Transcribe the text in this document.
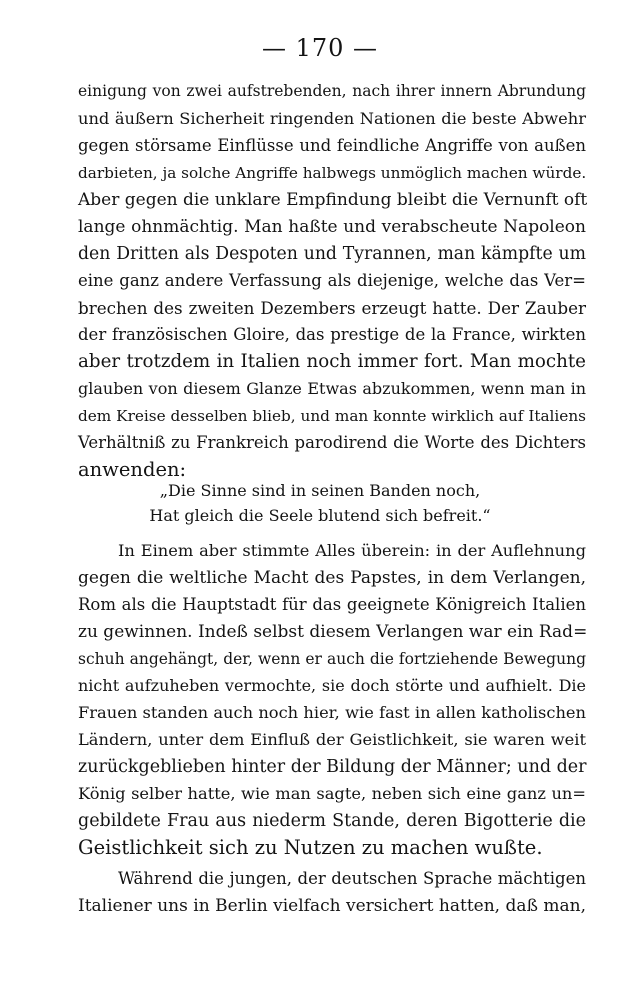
— 170 —
einigung von zwei aufstrebenden, nach ihrer innern Abrundung
und äußern Sicherheit ringenden Nationen die beste Abwehr
gegen störsame Einflüsse und feindliche Angriffe von außen
darbieten, ja solche Angriffe halbwegs unmöglich machen würde.
Aber gegen die unklare Empfindung bleibt die Vernunft oft
lange ohnmächtig. Man haßte und verabscheute Napoleon
den Dritten als Despoten und Tyrannen, man kämpfte um
eine ganz andere Verfassung als diejenige, welche das Ver=
brechen des zweiten Dezembers erzeugt hatte. Der Zauber
der französischen Gloire, das prestige de la France, wirkten
aber trotzdem in Italien noch immer fort. Man mochte
glauben von diesem Glanze Etwas abzukommen, wenn man in
dem Kreise desselben blieb, und man konnte wirklich auf Italiens
Verhältniß zu Frankreich parodirend die Worte des Dichters
anwenden:
„Die Sinne sind in seinen Banden noch,
Hat gleich die Seele blutend sich befreit.“
In Einem aber stimmte Alles überein: in der Auflehnung
gegen die weltliche Macht des Papstes, in dem Verlangen,
Rom als die Hauptstadt für das geeignete Königreich Italien
zu gewinnen. Indeß selbst diesem Verlangen war ein Rad=
schuh angehängt, der, wenn er auch die fortziehende Bewegung
nicht aufzuheben vermochte, sie doch störte und aufhielt. Die
Frauen standen auch noch hier, wie fast in allen katholischen
Ländern, unter dem Einfluß der Geistlichkeit, sie waren weit
zurückgeblieben hinter der Bildung der Männer; und der
König selber hatte, wie man sagte, neben sich eine ganz un=
gebildete Frau aus niederm Stande, deren Bigotterie die
Geistlichkeit sich zu Nutzen zu machen wußte.
Während die jungen, der deutschen Sprache mächtigen
Italiener uns in Berlin vielfach versichert hatten, daß man,
